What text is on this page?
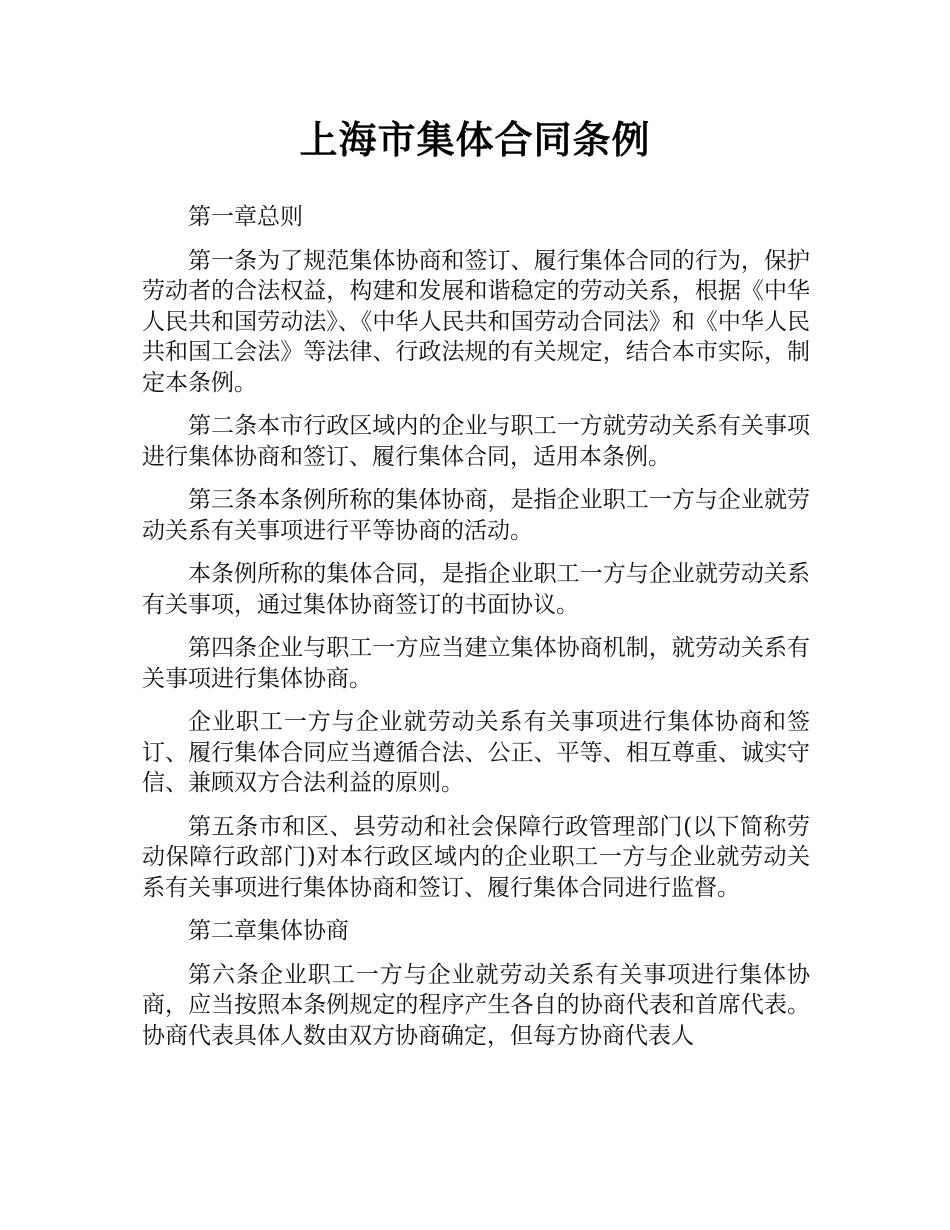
上海市集体合同条例

第一章总则

第一条为了规范集体协商和签订、履行集体合同的行为，保护劳动者的合法权益，构建和发展和谐稳定的劳动关系，根据《中华人民共和国劳动法》、《中华人民共和国劳动合同法》和《中华人民共和国工会法》等法律、行政法规的有关规定，结合本市实际，制定本条例。

第二条本市行政区域内的企业与职工一方就劳动关系有关事项进行集体协商和签订、履行集体合同，适用本条例。

第三条本条例所称的集体协商，是指企业职工一方与企业就劳动关系有关事项进行平等协商的活动。

本条例所称的集体合同，是指企业职工一方与企业就劳动关系有关事项，通过集体协商签订的书面协议。

第四条企业与职工一方应当建立集体协商机制，就劳动关系有关事项进行集体协商。

企业职工一方与企业就劳动关系有关事项进行集体协商和签订、履行集体合同应当遵循合法、公正、平等、相互尊重、诚实守信、兼顾双方合法利益的原则。

第五条市和区、县劳动和社会保障行政管理部门(以下简称劳动保障行政部门)对本行政区域内的企业职工一方与企业就劳动关系有关事项进行集体协商和签订、履行集体合同进行监督。

第二章集体协商

第六条企业职工一方与企业就劳动关系有关事项进行集体协商，应当按照本条例规定的程序产生各自的协商代表和首席代表。协商代表具体人数由双方协商确定，但每方协商代表人
